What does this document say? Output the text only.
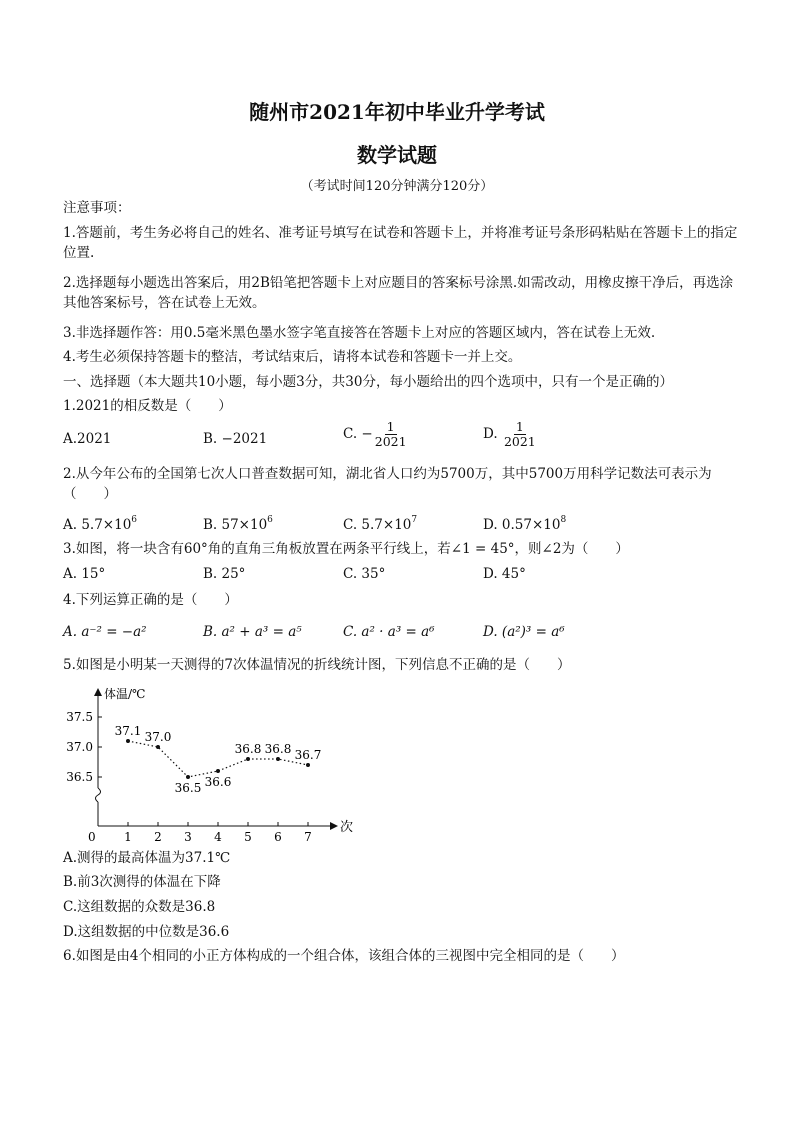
随州市2021年初中毕业升学考试
数学试题
（考试时间120分钟满分120分）
注意事项：
1.答题前，考生务必将自己的姓名、准考证号填写在试卷和答题卡上，并将准考证号条形码粘贴在答题卡上的指定位置.
2.选择题每小题选出答案后，用2B铅笔把答题卡上对应题目的答案标号涂黑.如需改动，用橡皮擦干净后，再选涂其他答案标号，答在试卷上无效。
3.非选择题作答：用0.5毫米黑色墨水签字笔直接答在答题卡上对应的答题区域内，答在试卷上无效.
4.考生必须保持答题卡的整洁，考试结束后，请将本试卷和答题卡一并上交。
一、选择题（本大题共10小题，每小题3分，共30分，每小题给出的四个选项中，只有一个是正确的）
1.2021的相反数是（　　）
A.2021	B. −2021	C. − $\frac{1}{2021}$	D. $\frac{1}{2021}$
2.从今年公布的全国第七次人口普查数据可知，湖北省人口约为5700万，其中5700万用科学记数法可表示为（　　）
A. $5.7\times 10^6$	B. $57\times 10^6$	C. $5.7\times 10^7$	D. $0.57\times 10^8$
3.如图，将一块含有60°角的直角三角板放置在两条平行线上，若∠1 = 45°，则∠2为（　　）
A. 15°	B. 25°	C. 35°	D. 45°
4.下列运算正确的是（　　）
A. a⁻² = −a²	B. a² + a³ = a⁵	C. a² · a³ = a⁶	D. (a²)³ = a⁶
5.如图是小明某一天测得的7次体温情况的折线统计图，下列信息不正确的是（　　）
体温/℃
次
0
37.5
37.0
36.5
1 2 3 4 5 6 7
37.1 37.0
36.5 36.6
36.8 36.8 36.7
A.测得的最高体温为37.1℃
B.前3次测得的体温在下降
C.这组数据的众数是36.8
D.这组数据的中位数是36.6
6.如图是由4个相同的小正方体构成的一个组合体，该组合体的三视图中完全相同的是（　　）
